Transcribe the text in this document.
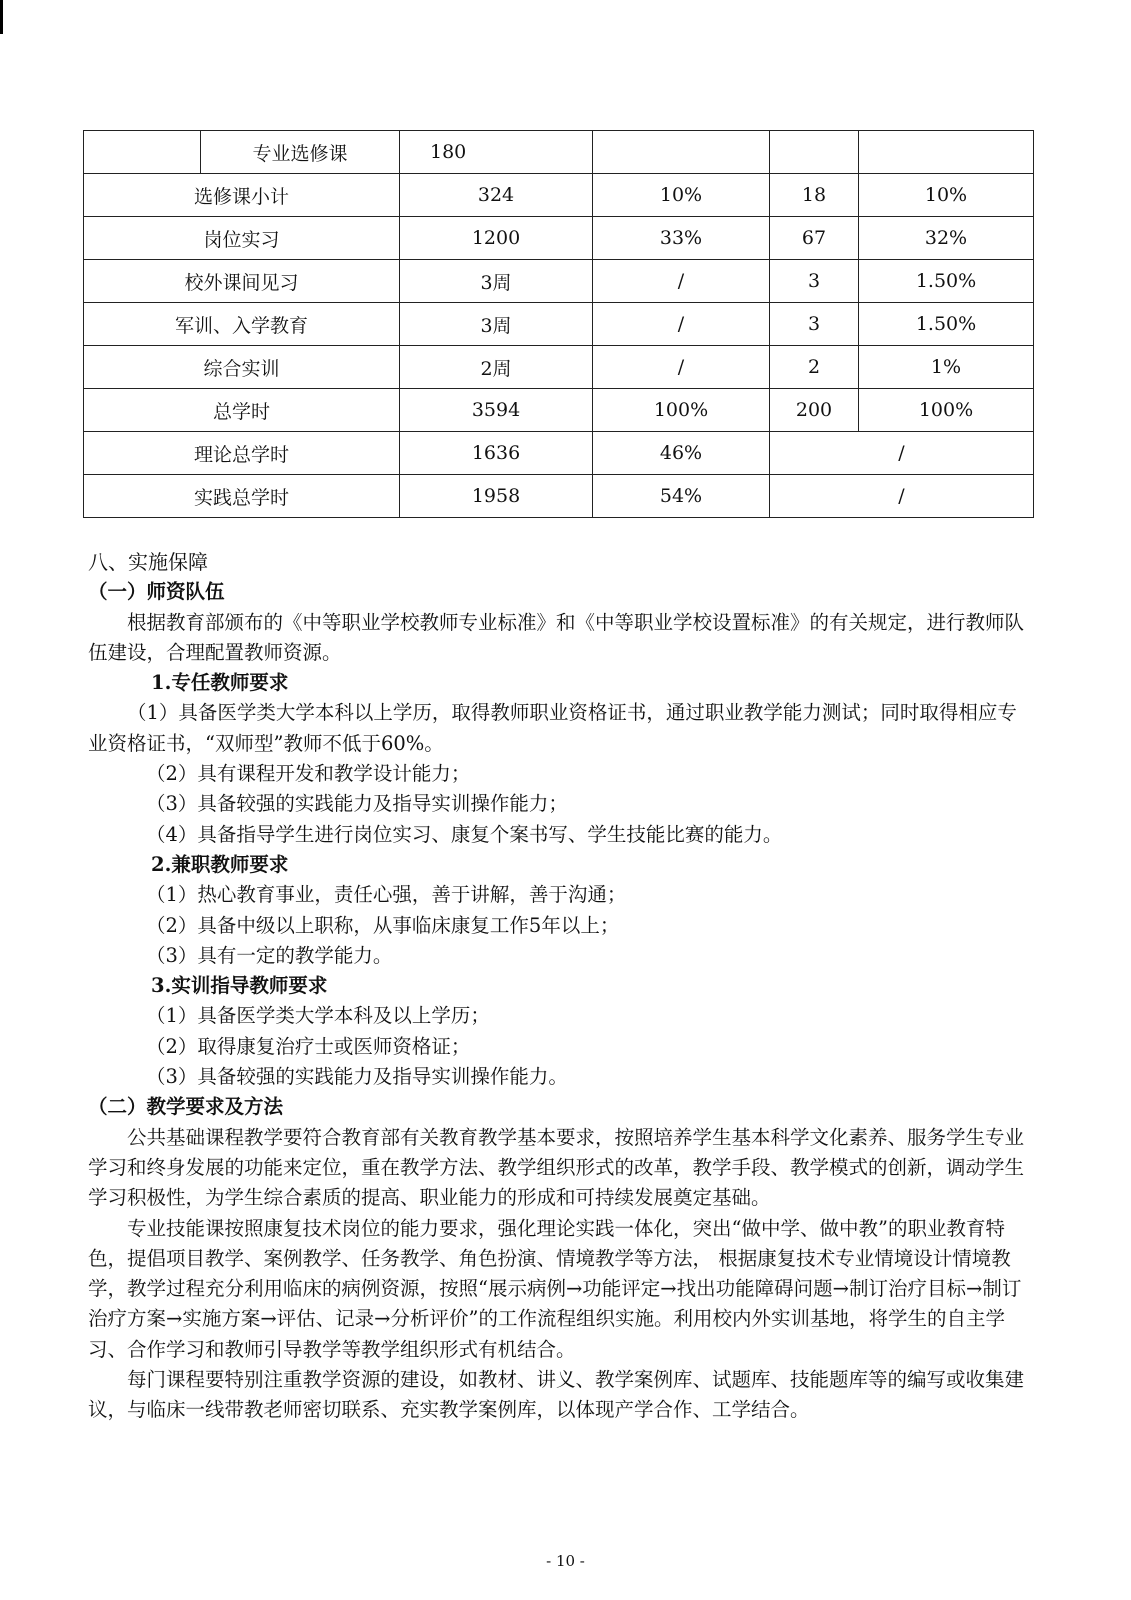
	专业选修课	180			
选修课小计		324	10%	18	10%
岗位实习		1200	33%	67	32%
校外课间见习		3周	/	3	1.50%
军训、入学教育		3周	/	3	1.50%
综合实训		2周	/	2	1%
总学时		3594	100%	200	100%
理论总学时		1636	46%	/	
实践总学时		1958	54%	/	

八、实施保障

（一）师资队伍

根据教育部颁布的《中等职业学校教师专业标准》和《中等职业学校设置标准》的有关规定，进行教师队伍建设，合理配置教师资源。

1.专任教师要求

（1）具备医学类大学本科以上学历，取得教师职业资格证书，通过职业教学能力测试；同时取得相应专业资格证书，“双师型”教师不低于60%。

（2）具有课程开发和教学设计能力；

（3）具备较强的实践能力及指导实训操作能力；

（4）具备指导学生进行岗位实习、康复个案书写、学生技能比赛的能力。

2.兼职教师要求

（1）热心教育事业，责任心强，善于讲解，善于沟通；

（2）具备中级以上职称，从事临床康复工作5年以上；

（3）具有一定的教学能力。

3.实训指导教师要求

（1）具备医学类大学本科及以上学历；

（2）取得康复治疗士或医师资格证；

（3）具备较强的实践能力及指导实训操作能力。

（二）教学要求及方法

公共基础课程教学要符合教育部有关教育教学基本要求，按照培养学生基本科学文化素养、服务学生专业学习和终身发展的功能来定位，重在教学方法、教学组织形式的改革，教学手段、教学模式的创新，调动学生学习积极性，为学生综合素质的提高、职业能力的形成和可持续发展奠定基础。

专业技能课按照康复技术岗位的能力要求，强化理论实践一体化，突出“做中学、做中教”的职业教育特色，提倡项目教学、案例教学、任务教学、角色扮演、情境教学等方法， 根据康复技术专业情境设计情境教学，教学过程充分利用临床的病例资源，按照“展示病例→功能评定→找出功能障碍问题→制订治疗目标→制订治疗方案→实施方案→评估、记录→分析评价”的工作流程组织实施。利用校内外实训基地，将学生的自主学习、合作学习和教师引导教学等教学组织形式有机结合。

每门课程要特别注重教学资源的建设，如教材、讲义、教学案例库、试题库、技能题库等的编写或收集建议，与临床一线带教老师密切联系、充实教学案例库，以体现产学合作、工学结合。

- 10 -
